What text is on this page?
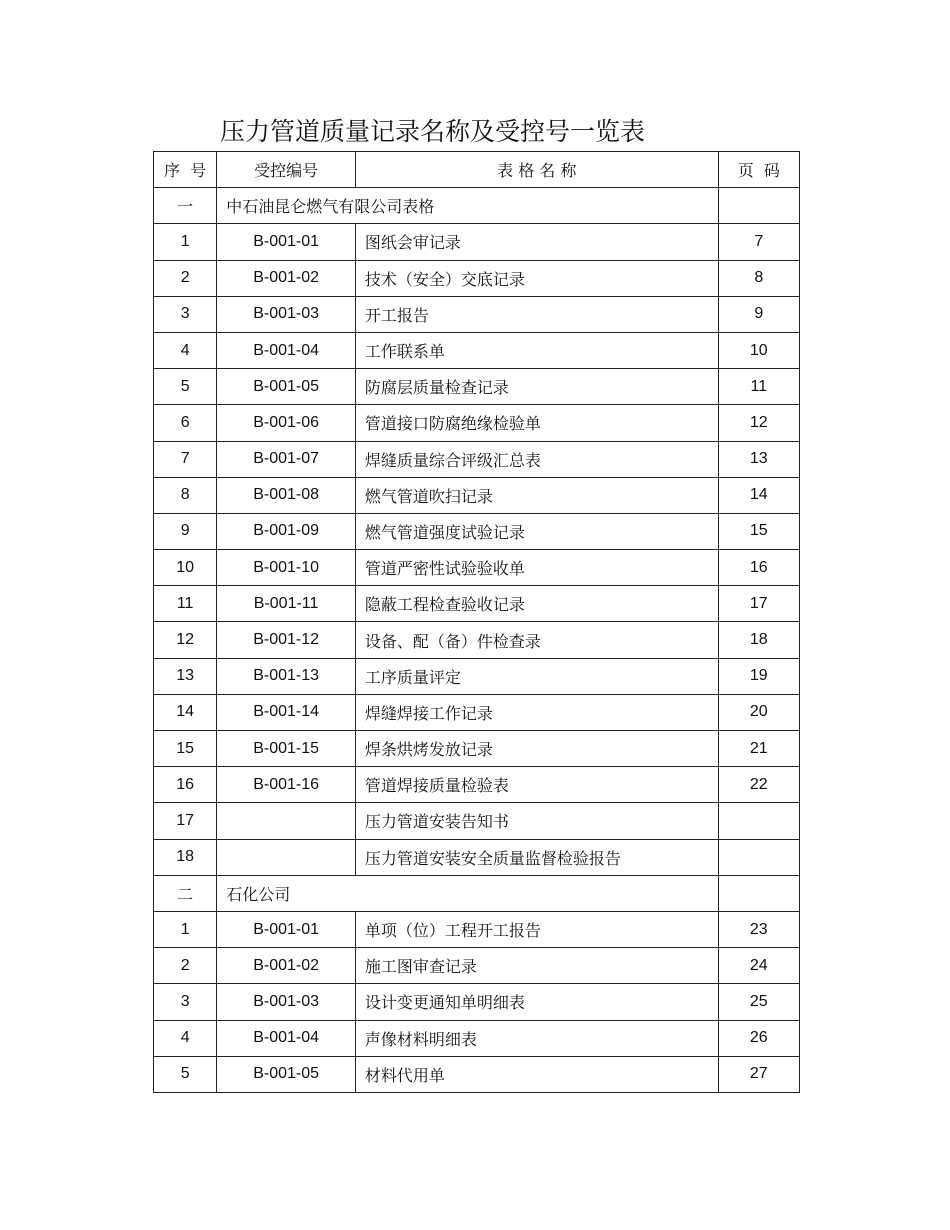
压力管道质量记录名称及受控号一览表
序  号	受控编号	表 格 名 称	页  码
一	中石油昆仑燃气有限公司表格		
1	B-001-01	图纸会审记录	7
2	B-001-02	技术（安全）交底记录	8
3	B-001-03	开工报告	9
4	B-001-04	工作联系单	10
5	B-001-05	防腐层质量检查记录	11
6	B-001-06	管道接口防腐绝缘检验单	12
7	B-001-07	焊缝质量综合评级汇总表	13
8	B-001-08	燃气管道吹扫记录	14
9	B-001-09	燃气管道强度试验记录	15
10	B-001-10	管道严密性试验验收单	16
11	B-001-11	隐蔽工程检查验收记录	17
12	B-001-12	设备、配（备）件检查录	18
13	B-001-13	工序质量评定	19
14	B-001-14	焊缝焊接工作记录	20
15	B-001-15	焊条烘烤发放记录	21
16	B-001-16	管道焊接质量检验表	22
17		压力管道安装告知书	
18		压力管道安装安全质量监督检验报告	
二	石化公司		
1	B-001-01	单项（位）工程开工报告	23
2	B-001-02	施工图审查记录	24
3	B-001-03	设计变更通知单明细表	25
4	B-001-04	声像材料明细表	26
5	B-001-05	材料代用单	27
